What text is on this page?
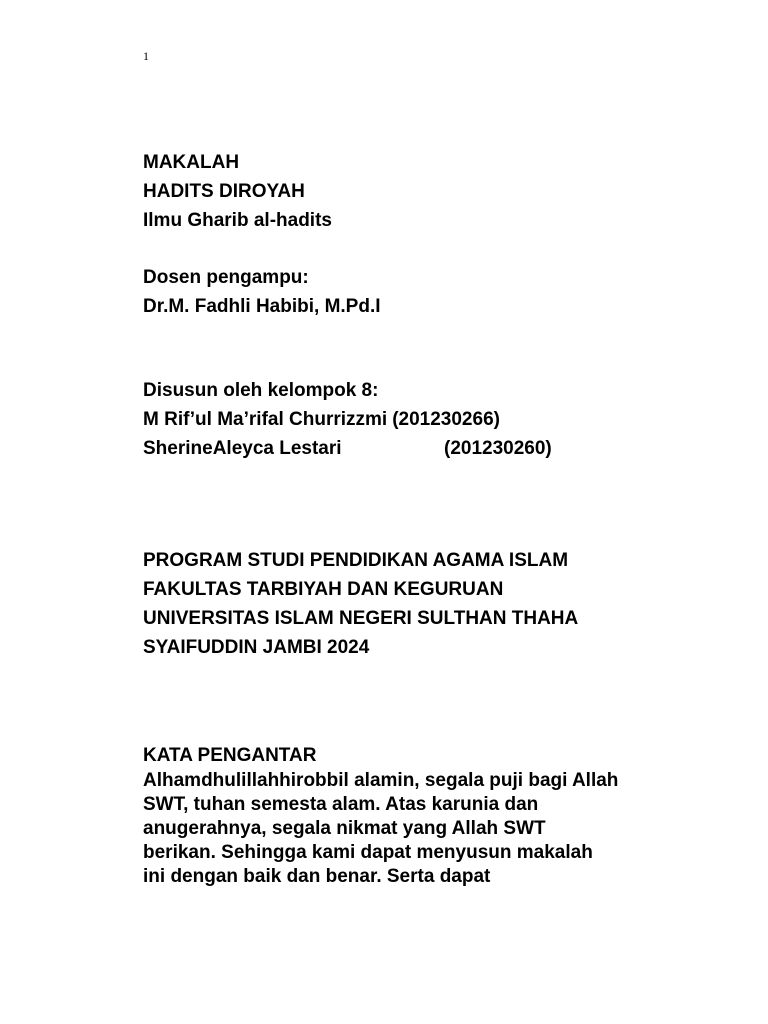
1
MAKALAH
HADITS DIROYAH
Ilmu Gharib al-hadits
Dosen pengampu:
Dr.M. Fadhli Habibi, M.Pd.I
Disusun oleh kelompok 8:
M Rif’ul Ma’rifal Churrizzmi (201230266)
SherineAleyca Lestari	(201230260)
PROGRAM STUDI PENDIDIKAN AGAMA ISLAM
FAKULTAS TARBIYAH DAN KEGURUAN
UNIVERSITAS ISLAM NEGERI SULTHAN THAHA
SYAIFUDDIN JAMBI 2024
KATA PENGANTAR
Alhamdhulillahhirobbil alamin, segala puji bagi Allah
SWT, tuhan semesta alam. Atas karunia dan
anugerahnya, segala nikmat yang Allah SWT
berikan. Sehingga kami dapat menyusun makalah
ini dengan baik dan benar. Serta dapat
